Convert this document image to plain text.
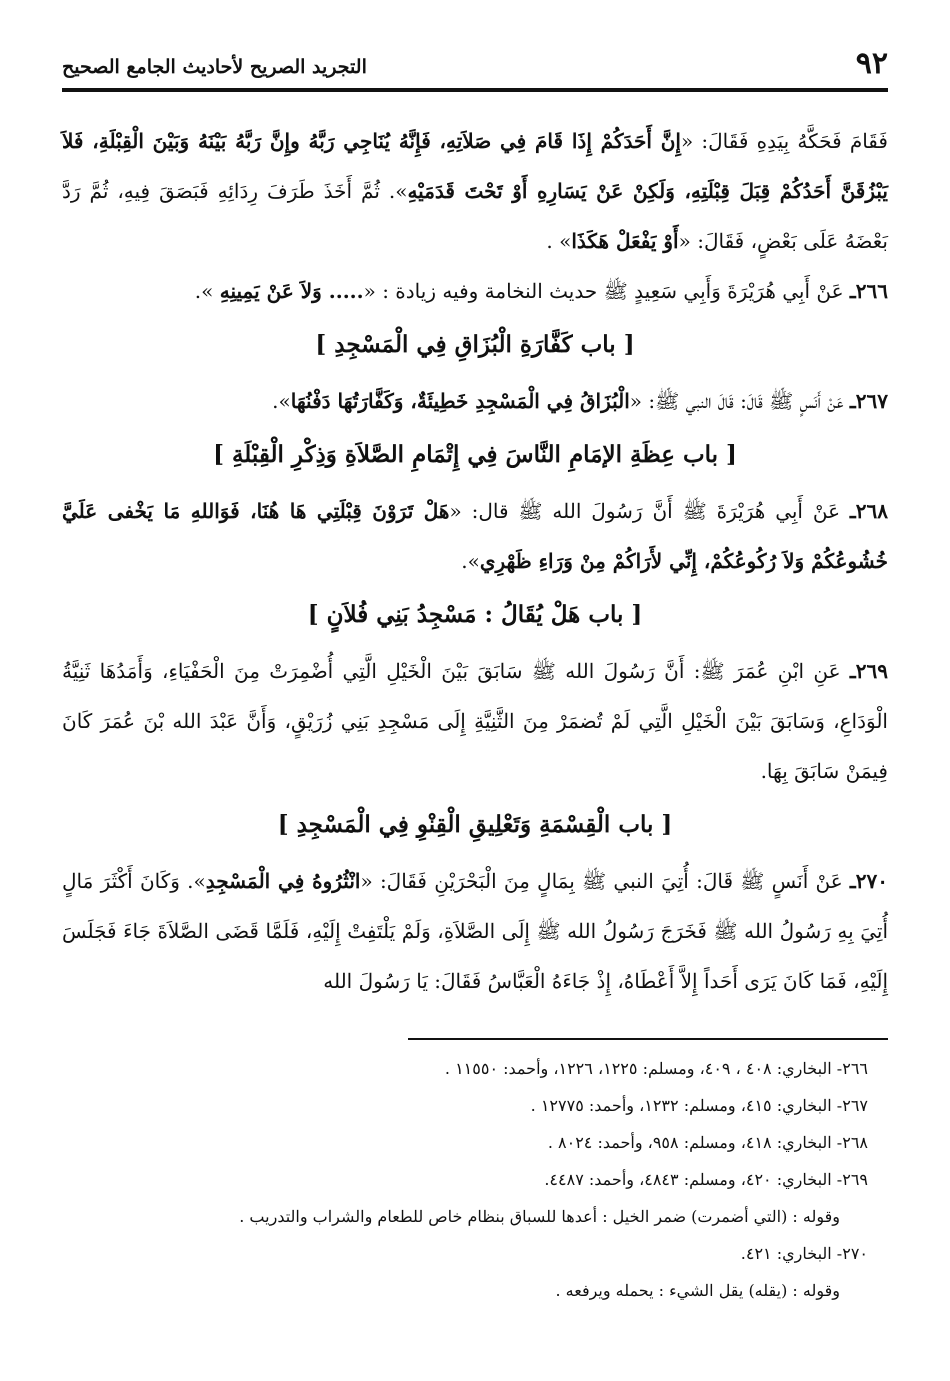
٩٢
التجريد الصريح لأحاديث الجامع الصحيح

فَقَامَ فَحَكَّهُ بِيَدِهِ فَقَالَ: «إِنَّ أَحَدَكُمْ إِذَا قَامَ فِي صَلاَتِهِ، فَإِنَّهُ يُنَاجِي رَبَّهُ وإِنَّ رَبَّهُ بَيْنَهُ وَبَيْنَ الْقِبْلَةِ، فَلاَ يَبْزُقَنَّ أَحَدُكُمْ قِبَلَ قِبْلَتِهِ، وَلَكِنْ عَنْ يَسَارِهِ أَوْ تَحْتَ قَدَمَيْهِ». ثُمَّ أَخَذَ طَرَفَ رِدَائِهِ فَبَصَقَ فِيهِ، ثُمَّ رَدَّ بَعْضَهُ عَلَى بَعْضٍ، فَقَالَ: «أَوْ يَفْعَلْ هَكَذَا» .

٢٦٦ـ عَنْ أَبِي هُرَيْرَةَ وَأَبِي سَعِيدٍ ﷺ حديث النخامة وفيه زيادة : «..... وَلاَ عَنْ يَمِينِهِ ».

[ باب كَفَّارَةِ الْبُزَاقِ فِي الْمَسْجِدِ ]

٢٦٧ـ عَنْ أَنَسٍ ﷺ قَالَ: قَالَ النبي ﷺ: «الْبُزَاقُ فِي الْمَسْجِدِ خَطِيئَةٌ، وَكَفَّارَتُهَا دَفْنُهَا».

[ باب عِظَةِ الإمَامِ النَّاسَ فِي إِتْمَامِ الصَّلاَةِ وَذِكْرِ الْقِبْلَةِ ]

٢٦٨ـ عَنْ أَبِي هُرَيْرَةَ ﷺ أَنَّ رَسُولَ الله ﷺ قال: «هَلْ تَرَوْنَ قِبْلَتِي هَا هُنَا، فَوَاللهِ مَا يَخْفى عَلَيَّ خُشُوعُكُمْ وَلاَ رُكُوعُكُمْ، إِنِّي لأَرَاكُمْ مِنْ وَرَاءِ ظَهْرِي».

[ باب هَلْ يُقَالُ : مَسْجِدُ بَنِي فُلاَنٍ ]

٢٦٩ـ عَنِ ابْنِ عُمَرَ ﷺ: أَنَّ رَسُولَ الله ﷺ سَابَقَ بَيْنَ الْخَيْلِ الَّتِي أُضْمِرَتْ مِنَ الْحَفْيَاءِ، وَأَمَدُهَا ثَنِيَّةُ الْوَدَاعِ، وَسَابَقَ بَيْنَ الْخَيْلِ الَّتِي لَمْ تُضمَرْ مِنَ الثَّنِيَّةِ إِلَى مَسْجِدِ بَنِي زُرَيْقٍ، وَأَنَّ عَبْدَ الله بْنَ عُمَرَ كَانَ فِيمَنْ سَابَقَ بِهَا.

[ باب الْقِسْمَةِ وَتَعْلِيقِ الْقِنْوِ فِي الْمَسْجِدِ ]

٢٧٠ـ عَنْ أَنَسٍ ﷺ قَالَ: أُتِيَ النبي ﷺ بِمَالٍ مِنَ الْبَحْرَيْنِ فَقَالَ: «انْثُرُوهُ فِي الْمَسْجِدِ». وَكَانَ أَكْثَرَ مَالٍ أُتِيَ بِهِ رَسُولُ الله ﷺ فَخَرَجَ رَسُولُ الله ﷺ إِلَى الصَّلاَةِ، وَلَمْ يَلْتَفِتْ إِلَيْهِ، فَلَمَّا قَضَى الصَّلاَةَ جَاءَ فَجَلَسَ إِلَيْهِ، فَمَا كَانَ يَرَى أَحَداً إِلاَّ أَعْطَاهُ، إِذْ جَاءَهُ الْعَبَّاسُ فَقَالَ: يَا رَسُولَ الله

٢٦٦- البخاري: ٤٠٨ ، ٤٠٩، ومسلم: ١٢٢٥، ١٢٢٦، وأحمد: ١١٥٥٠ .

٢٦٧- البخاري: ٤١٥، ومسلم: ١٢٣٢، وأحمد: ١٢٧٧٥ .

٢٦٨- البخاري: ٤١٨، ومسلم: ٩٥٨، وأحمد: ٨٠٢٤ .

٢٦٩- البخاري: ٤٢٠، ومسلم: ٤٨٤٣، وأحمد: ٤٤٨٧.

وقوله : (التي أضمرت) ضمر الخيل : أعدها للسباق بنظام خاص للطعام والشراب والتدريب .

٢٧٠- البخاري: ٤٢١.

وقوله : (يقله) يقل الشيء : يحمله ويرفعه .
